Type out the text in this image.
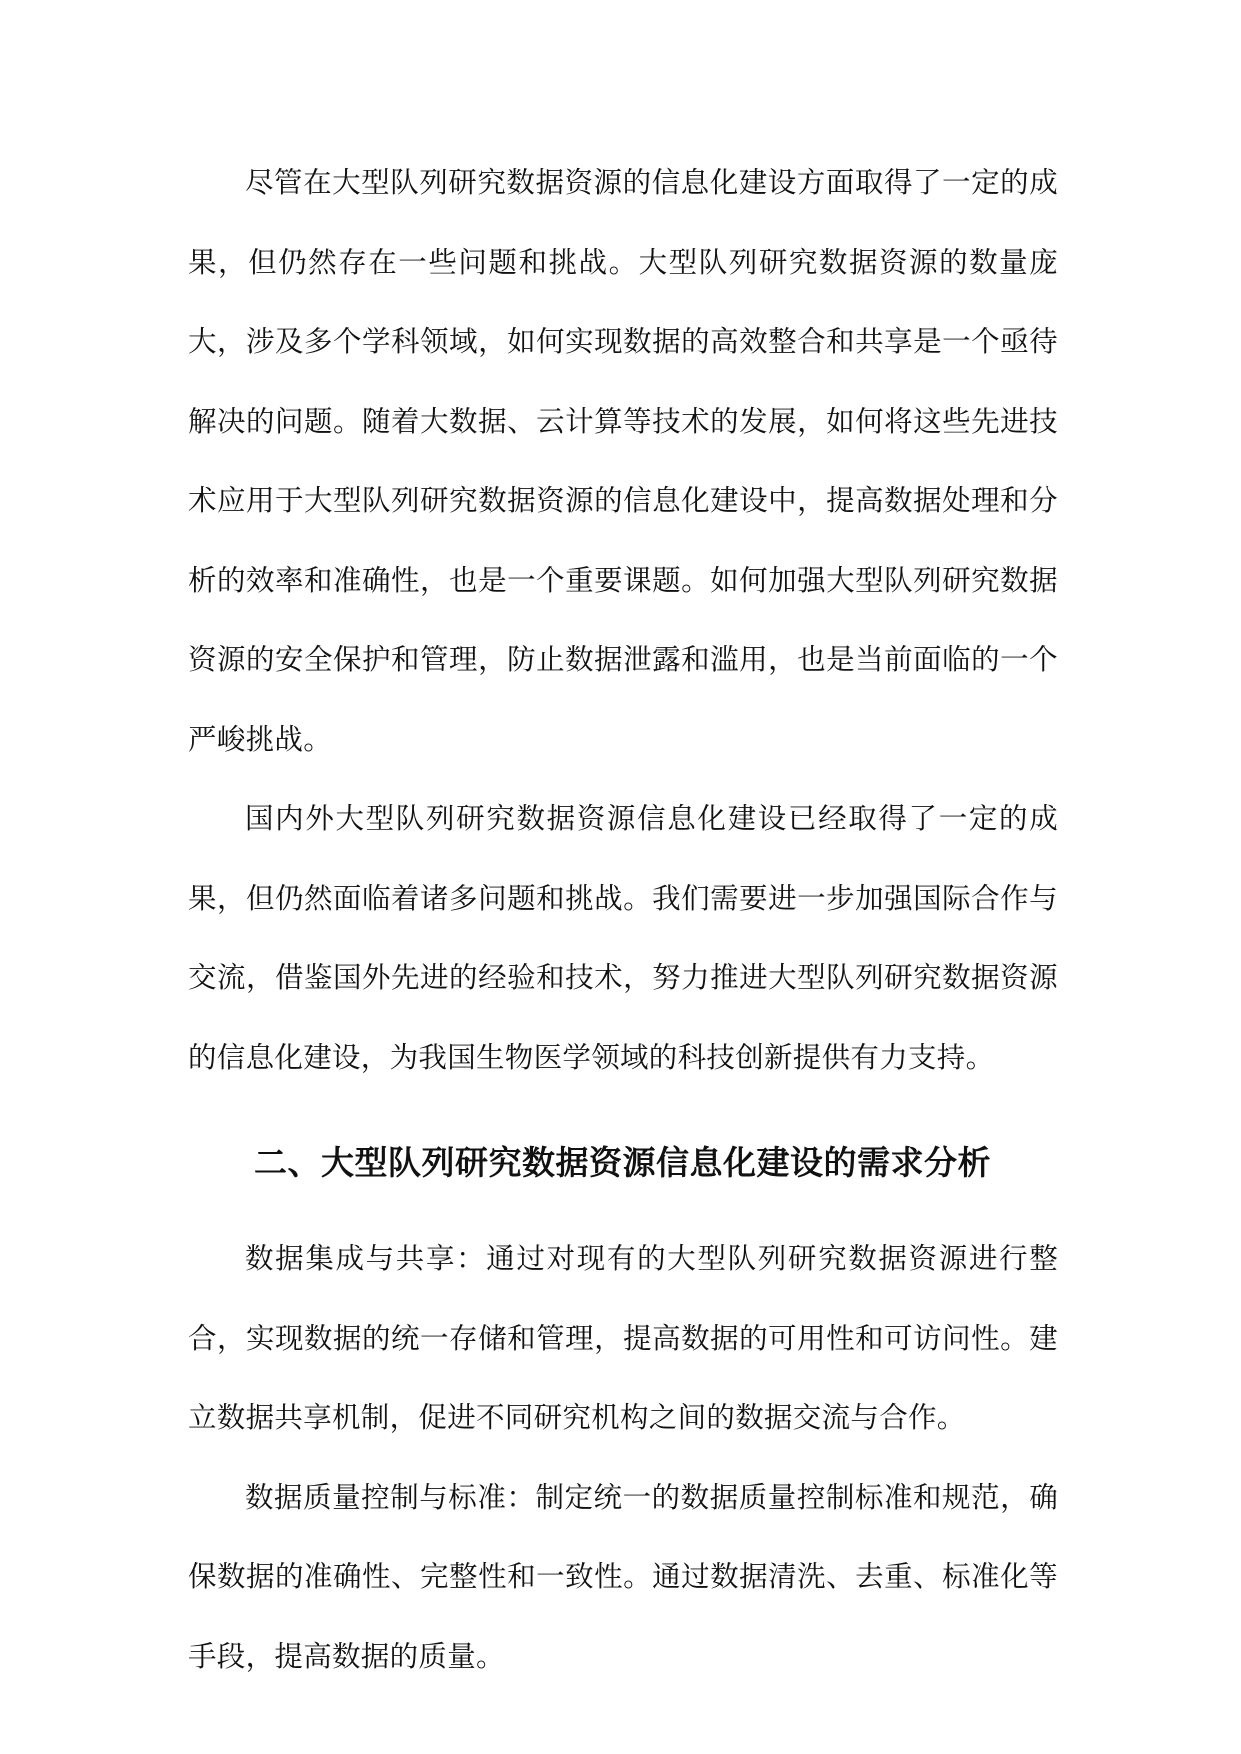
尽管在大型队列研究数据资源的信息化建设方面取得了一定的成果，但仍然存在一些问题和挑战。大型队列研究数据资源的数量庞大，涉及多个学科领域，如何实现数据的高效整合和共享是一个亟待解决的问题。随着大数据、云计算等技术的发展，如何将这些先进技术应用于大型队列研究数据资源的信息化建设中，提高数据处理和分析的效率和准确性，也是一个重要课题。如何加强大型队列研究数据资源的安全保护和管理，防止数据泄露和滥用，也是当前面临的一个严峻挑战。

国内外大型队列研究数据资源信息化建设已经取得了一定的成果，但仍然面临着诸多问题和挑战。我们需要进一步加强国际合作与交流，借鉴国外先进的经验和技术，努力推进大型队列研究数据资源的信息化建设，为我国生物医学领域的科技创新提供有力支持。

二、大型队列研究数据资源信息化建设的需求分析

数据集成与共享：通过对现有的大型队列研究数据资源进行整合，实现数据的统一存储和管理，提高数据的可用性和可访问性。建立数据共享机制，促进不同研究机构之间的数据交流与合作。

数据质量控制与标准：制定统一的数据质量控制标准和规范，确保数据的准确性、完整性和一致性。通过数据清洗、去重、标准化等手段，提高数据的质量。
